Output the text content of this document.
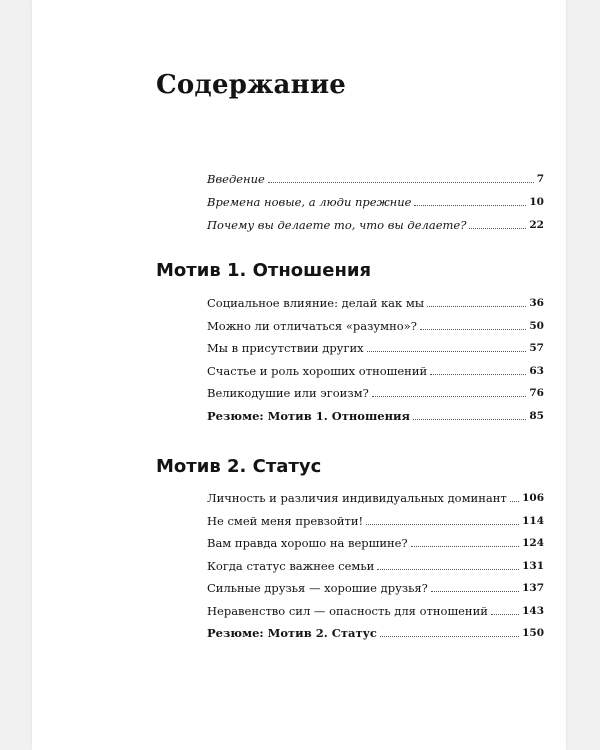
Содержание
Введение	7
Времена новые, а люди прежние	10
Почему вы делаете то, что вы делаете?	22
Мотив 1. Отношения
Социальное влияние: делай как мы	36
Можно ли отличаться «разумно»?	50
Мы в присутствии других	57
Счастье и роль хороших отношений	63
Великодушие или эгоизм?	76
Резюме: Мотив 1. Отношения	85
Мотив 2. Статус
Личность и различия индивидуальных доминант 106
Не смей меня превзойти!	114
Вам правда хорошо на вершине?	124
Когда статус важнее семьи	131
Сильные друзья — хорошие друзья?	137
Неравенство сил — опасность для отношений	143
Резюме: Мотив 2. Статус	150
